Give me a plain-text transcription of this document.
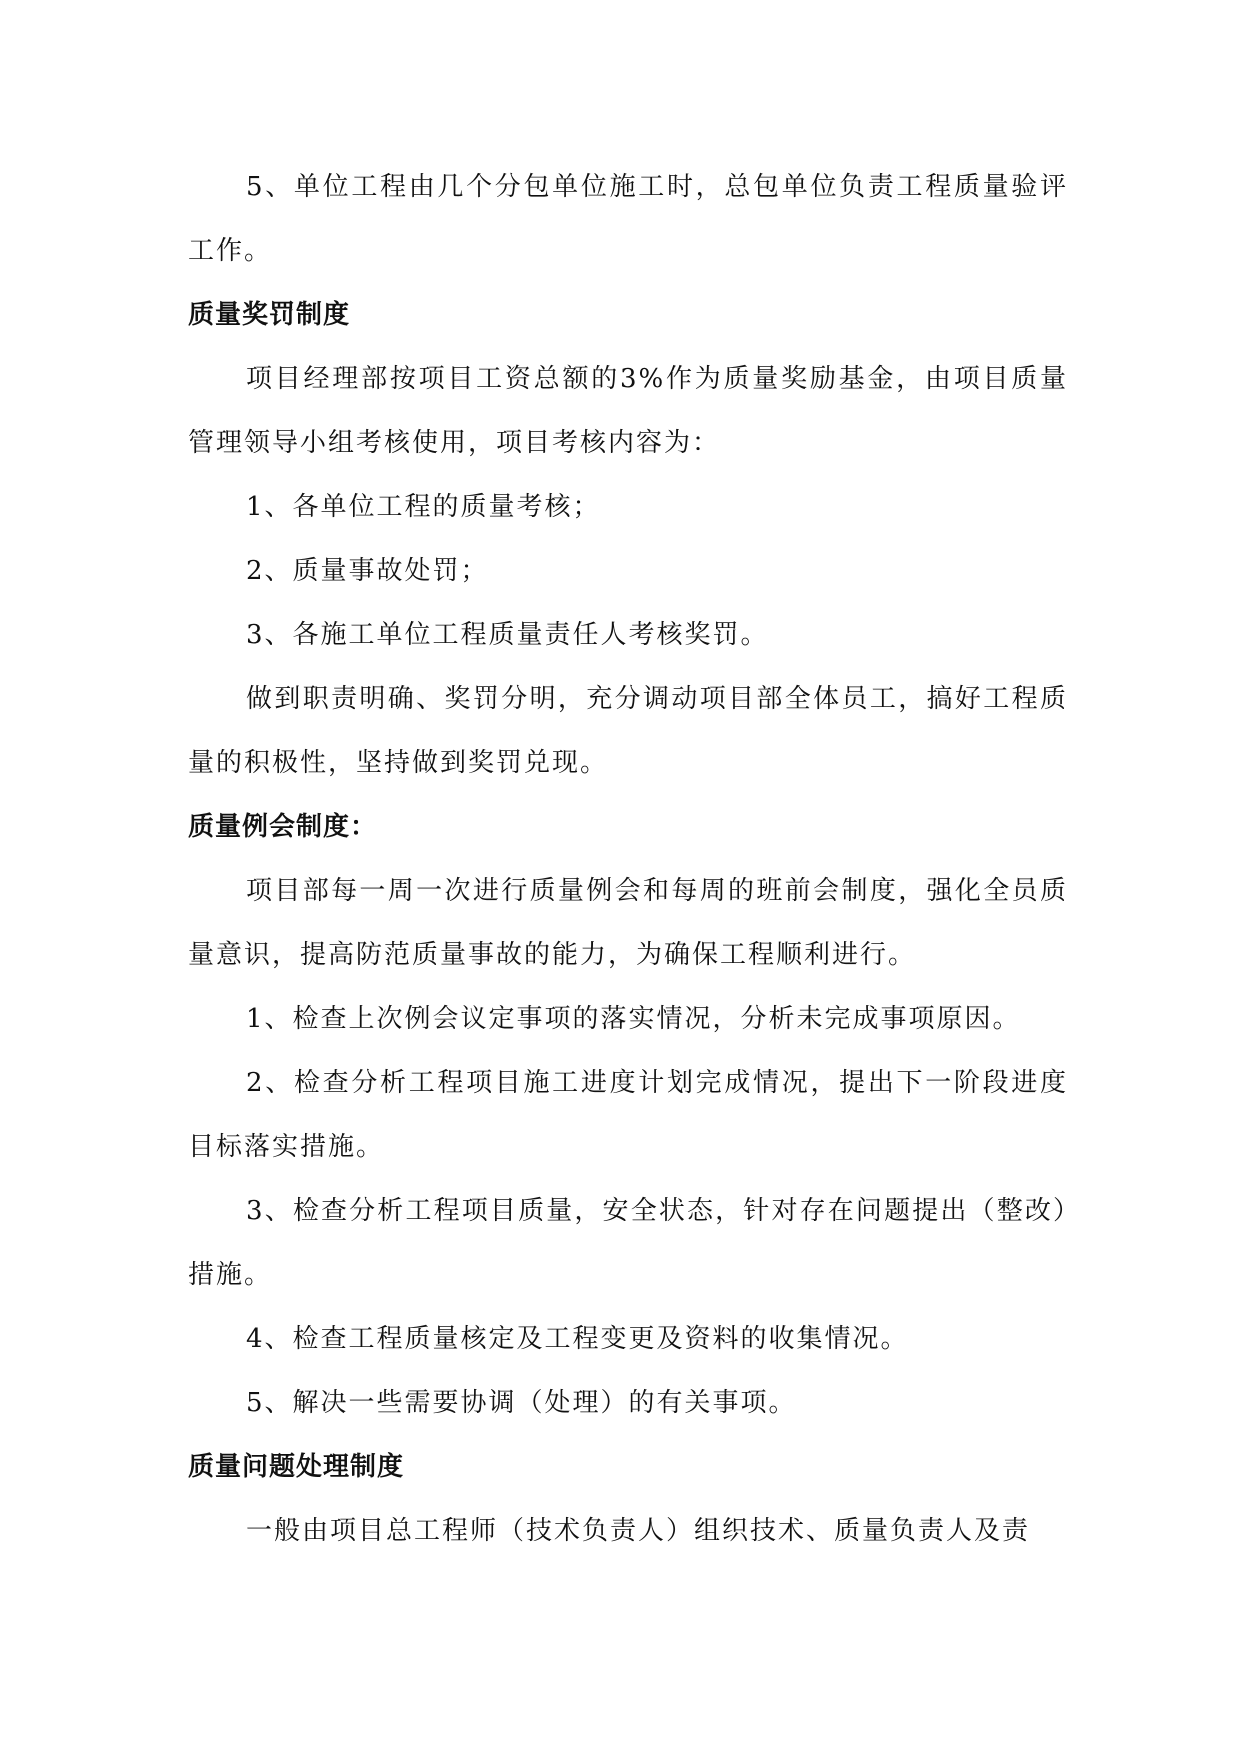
5、单位工程由几个分包单位施工时，总包单位负责工程质量验评工作。

质量奖罚制度

项目经理部按项目工资总额的3%作为质量奖励基金，由项目质量管理领导小组考核使用，项目考核内容为：

1、各单位工程的质量考核；

2、质量事故处罚；

3、各施工单位工程质量责任人考核奖罚。

做到职责明确、奖罚分明，充分调动项目部全体员工，搞好工程质量的积极性，坚持做到奖罚兑现。

质量例会制度：

项目部每一周一次进行质量例会和每周的班前会制度，强化全员质量意识，提高防范质量事故的能力，为确保工程顺利进行。

1、检查上次例会议定事项的落实情况，分析未完成事项原因。

2、检查分析工程项目施工进度计划完成情况，提出下一阶段进度目标落实措施。

3、检查分析工程项目质量，安全状态，针对存在问题提出（整改）措施。

4、检查工程质量核定及工程变更及资料的收集情况。

5、解决一些需要协调（处理）的有关事项。

质量问题处理制度

一般由项目总工程师（技术负责人）组织技术、质量负责人及责
